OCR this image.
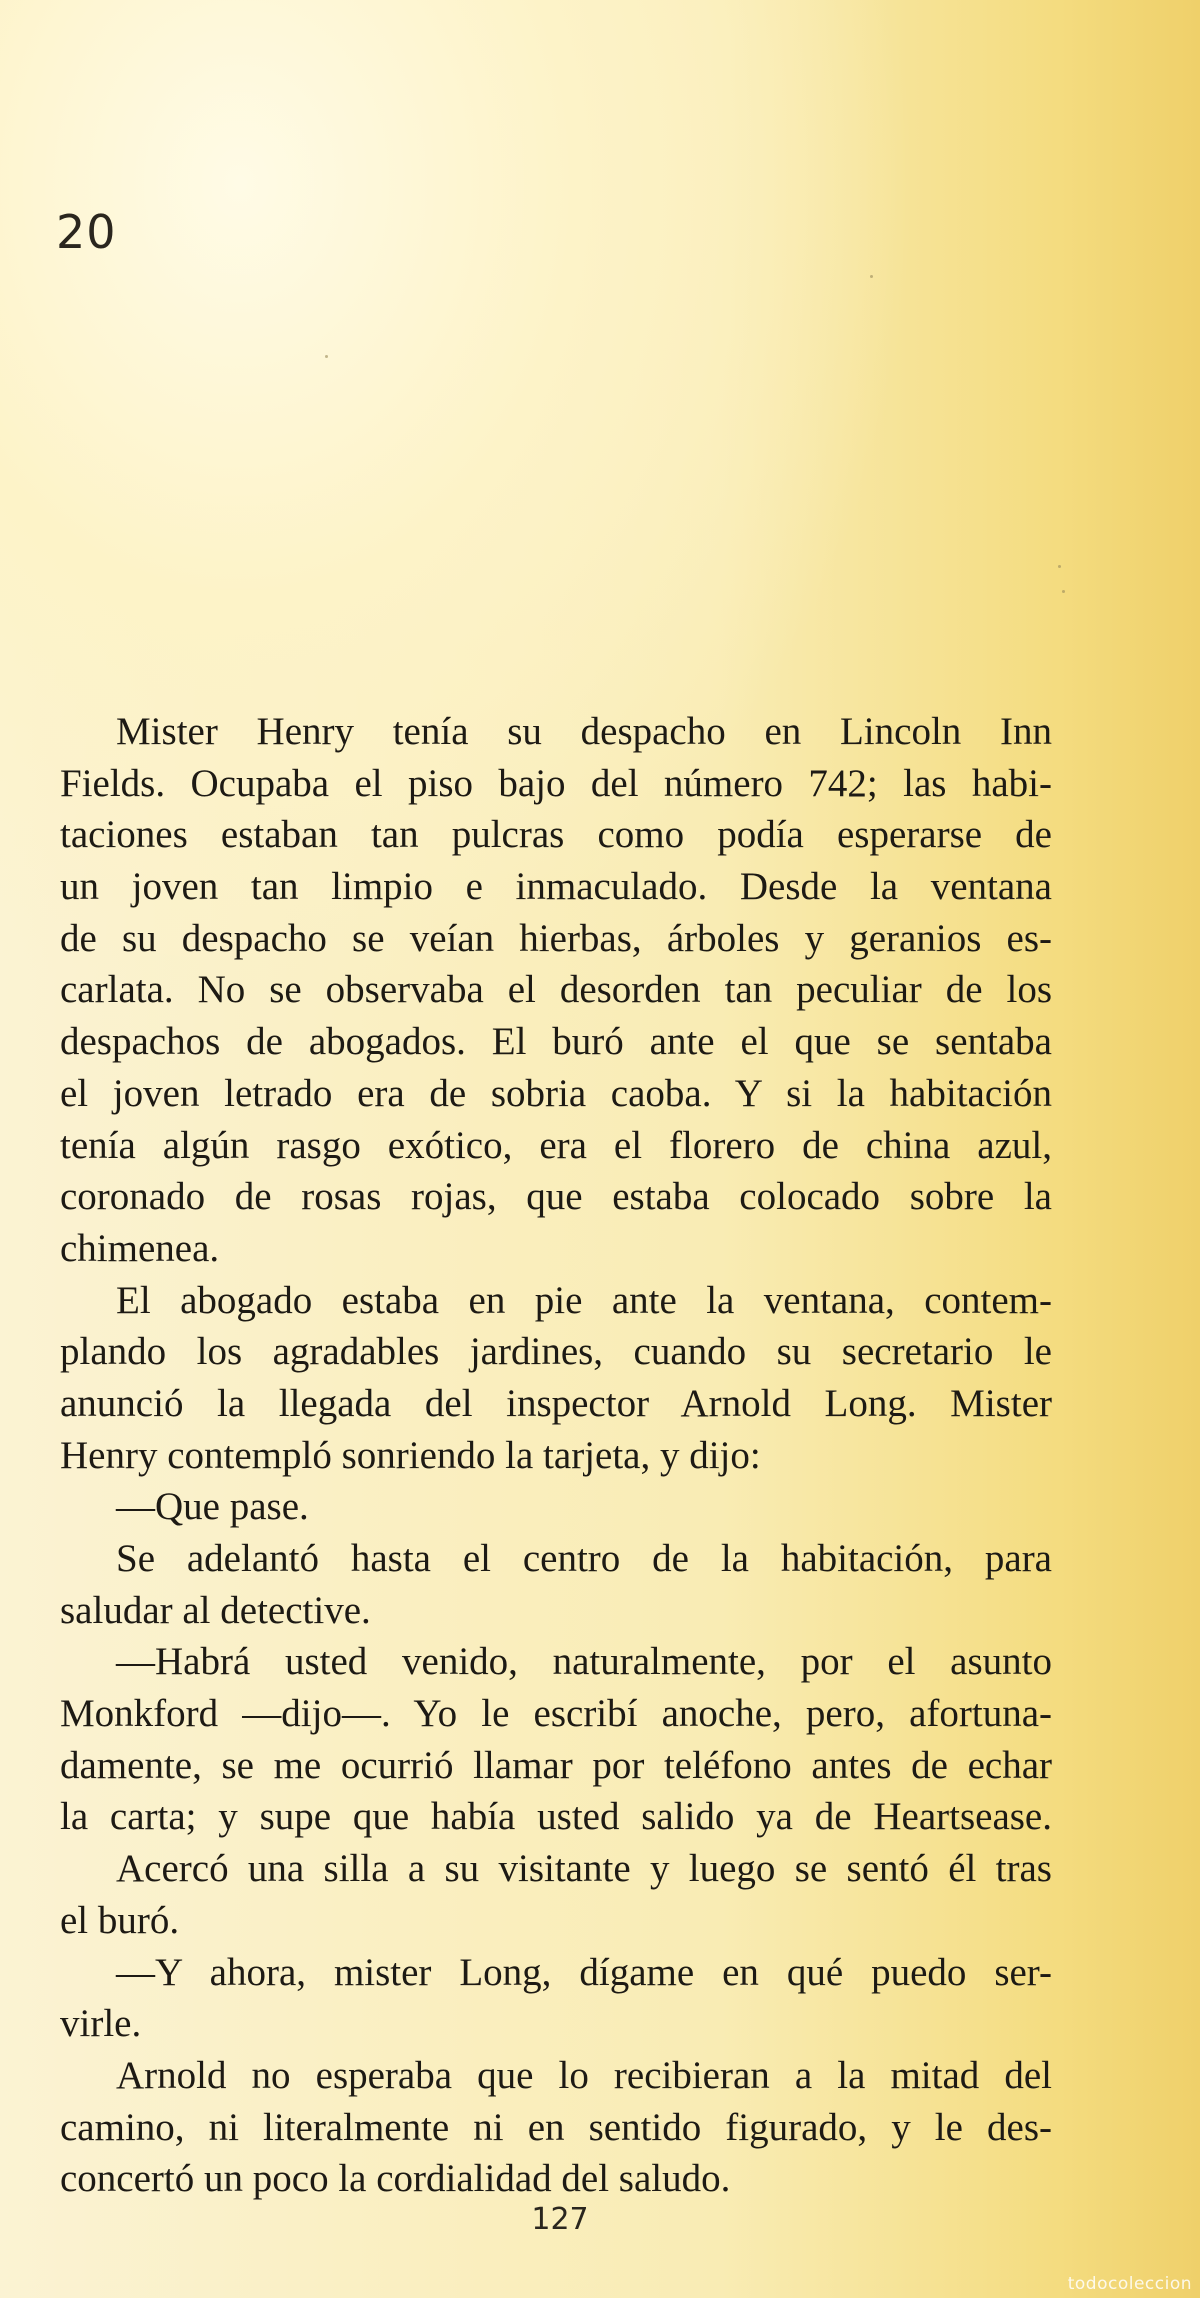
20
Mister Henry tenía su despacho en Lincoln Inn
Fields. Ocupaba el piso bajo del número 742; las habi-
taciones estaban tan pulcras como podía esperarse de
un joven tan limpio e inmaculado. Desde la ventana
de su despacho se veían hierbas, árboles y geranios es-
carlata. No se observaba el desorden tan peculiar de los
despachos de abogados. El buró ante el que se sentaba
el joven letrado era de sobria caoba. Y si la habitación
tenía algún rasgo exótico, era el florero de china azul,
coronado de rosas rojas, que estaba colocado sobre la
chimenea.
El abogado estaba en pie ante la ventana, contem-
plando los agradables jardines, cuando su secretario le
anunció la llegada del inspector Arnold Long. Mister
Henry contempló sonriendo la tarjeta, y dijo:
—Que pase.
Se adelantó hasta el centro de la habitación, para
saludar al detective.
—Habrá usted venido, naturalmente, por el asunto
Monkford —dijo—. Yo le escribí anoche, pero, afortuna-
damente, se me ocurrió llamar por teléfono antes de echar
la carta; y supe que había usted salido ya de Heartsease.
Acercó una silla a su visitante y luego se sentó él tras
el buró.
—Y ahora, mister Long, dígame en qué puedo ser-
virle.
Arnold no esperaba que lo recibieran a la mitad del
camino, ni literalmente ni en sentido figurado, y le des-
concertó un poco la cordialidad del saludo.
127
todocoleccion
